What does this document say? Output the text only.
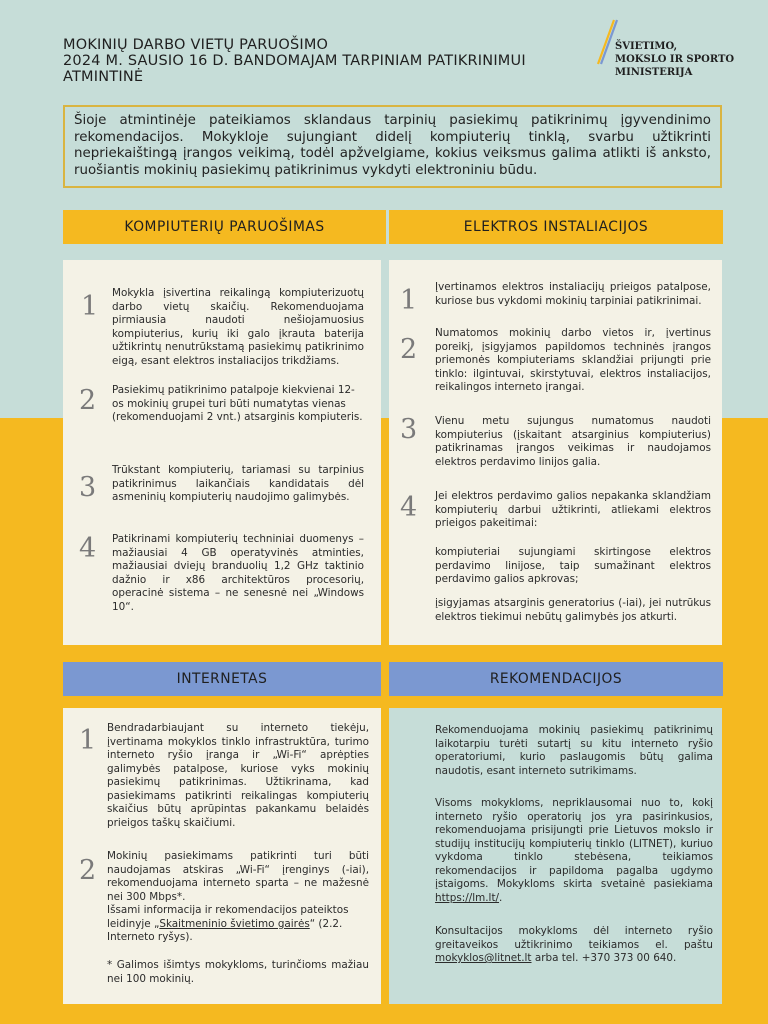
MOKINIŲ DARBO VIETŲ PARUOŠIMO
2024 M. SAUSIO 16 D. BANDOMAJAM TARPINIAM PATIKRINIMUI
ATMINTINĖ
ŠVIETIMO,
MOKSLO IR SPORTO
MINISTERIJA
Šioje atmintinėje pateikiamos sklandaus tarpinių pasiekimų patikrinimų įgyvendinimo rekomendacijos. Mokykloje sujungiant didelį kompiuterių tinklą, svarbu užtikrinti nepriekaištingą įrangos veikimą, todėl apžvelgiame, kokius veiksmus galima atlikti iš anksto, ruošiantis mokinių pasiekimų patikrinimus vykdyti elektroniniu būdu.
KOMPIUTERIŲ PARUOŠIMAS	ELEKTROS INSTALIACIJOS
1 Mokykla įsivertina reikalingą kompiuterizuotų darbo vietų skaičių. Rekomenduojama pirmiausia naudoti nešiojamuosius kompiuterius, kurių iki galo įkrauta baterija užtikrintų nenutrūkstamą pasiekimų patikrinimo eigą, esant elektros instaliacijos trikdžiams.
2 Pasiekimų patikrinimo patalpoje kiekvienai 12-os mokinių grupei turi būti numatytas vienas (rekomenduojami 2 vnt.) atsarginis kompiuteris.
3
Trūkstant kompiuterių, tariamasi su tarpinius patikrinimus laikančiais kandidatais dėl asmeninių kompiuterių naudojimo galimybės.
4 Patikrinami kompiuterių techniniai duomenys – mažiausiai 4 GB operatyvinės atminties, mažiausiai dviejų branduolių 1,2 GHz taktinio dažnio ir x86 architektūros procesorių, operacinė sistema – ne senesnė nei „Windows 10“.
1 Įvertinamos elektros instaliacijų prieigos patalpose, kuriose bus vykdomi mokinių tarpiniai patikrinimai.
2
Numatomos mokinių darbo vietos ir, įvertinus poreikį, įsigyjamos papildomos techninės įrangos priemonės kompiuteriams sklandžiai prijungti prie tinklo: ilgintuvai, skirstytuvai, elektros instaliacijos, reikalingos interneto įrangai.
3 Vienu metu sujungus numatomus naudoti kompiuterius (įskaitant atsarginius kompiuterius) patikrinamas įrangos veikimas ir naudojamos elektros perdavimo linijos galia.
4 Jei elektros perdavimo galios nepakanka sklandžiam kompiuterių darbui užtikrinti, atliekami elektros prieigos pakeitimai:
kompiuteriai sujungiami skirtingose elektros perdavimo linijose, taip sumažinant elektros perdavimo galios apkrovas;
įsigyjamas atsarginis generatorius (-iai), jei nutrūkus elektros tiekimui nebūtų galimybės jos atkurti.
INTERNETAS	REKOMENDACIJOS
1 Bendradarbiaujant su interneto tiekėju, įvertinama mokyklos tinklo infrastruktūra, turimo interneto ryšio įranga ir „Wi-Fi“ aprėpties galimybės patalpose, kuriose vyks mokinių pasiekimų patikrinimas. Užtikrinama, kad pasiekimams patikrinti reikalingas kompiuterių skaičius būtų aprūpintas pakankamu belaidės prieigos taškų skaičiumi.
2 Mokinių pasiekimams patikrinti turi būti naudojamas atskiras „Wi-Fi“ įrenginys (-iai), rekomenduojama interneto sparta – ne mažesnė nei 300 Mbps*.
Išsami informacija ir rekomendacijos pateiktos leidinyje „Skaitmeninio švietimo gairės“ (2.2. Interneto ryšys).
* Galimos išimtys mokykloms, turinčioms mažiau nei 100 mokinių.
Rekomenduojama mokinių pasiekimų patikrinimų laikotarpiu turėti sutartį su kitu interneto ryšio operatoriumi, kurio paslaugomis būtų galima naudotis, esant interneto sutrikimams.
Visoms mokykloms, nepriklausomai nuo to, kokį interneto ryšio operatorių jos yra pasirinkusios, rekomenduojama prisijungti prie Lietuvos mokslo ir studijų institucijų kompiuterių tinklo (LITNET), kuriuo vykdoma tinklo stebėsena, teikiamos rekomendacijos ir papildoma pagalba ugdymo įstaigoms. Mokykloms skirta svetainė pasiekiama https://lm.lt/.
Konsultacijos mokykloms dėl interneto ryšio greitaveikos užtikrinimo teikiamos el. paštu mokyklos@litnet.lt arba tel. +370 373 00 640.
